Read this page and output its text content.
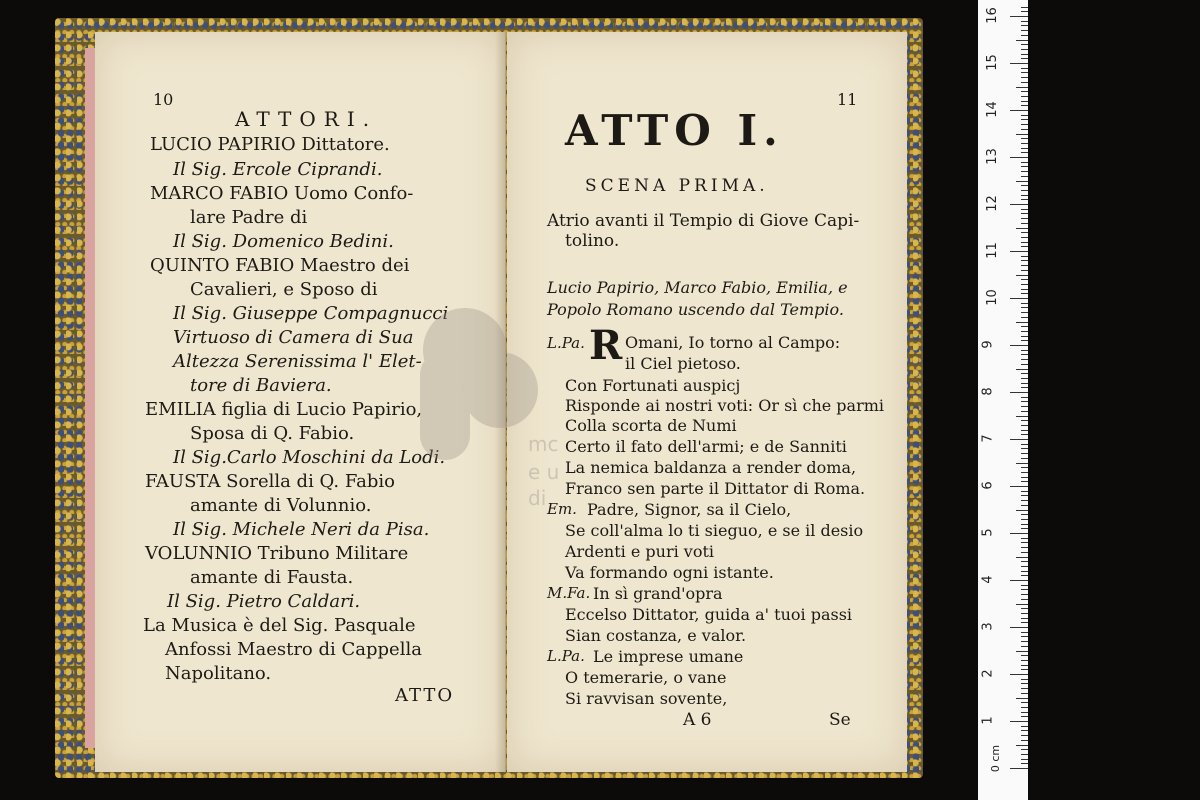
10
ATTORI.
LUCIO PAPIRIO Dittatore.
Il Sig. Ercole Ciprandi.
MARCO FABIO Uomo Confo-
lare Padre di
Il Sig. Domenico Bedini.
QUINTO FABIO Maestro dei
Cavalieri, e Sposo di
Il Sig. Giuseppe Compagnucci
Virtuoso di Camera di Sua
Altezza Serenissima l' Elet-
tore di Baviera.
EMILIA figlia di Lucio Papirio,
Sposa di Q. Fabio.
Il Sig.Carlo Moschini da Lodi.
FAUSTA Sorella di Q. Fabio
amante di Volunnio.
Il Sig. Michele Neri da Pisa.
VOLUNNIO Tribuno Militare
amante di Fausta.
Il Sig. Pietro Caldari.
La Musica è del Sig. Pasquale
Anfossi Maestro di Cappella
Napolitano.
ATTO
11
ATTO I.
SCENA PRIMA.
Atrio avanti il Tempio di Giove Capi-
tolino.
Lucio Papirio, Marco Fabio, Emilia, e
Popolo Romano uscendo dal Tempio.
L.Pa. R Omani, Io torno al Campo:
il Ciel pietoso.
Con Fortunati auspicj
Risponde ai nostri voti: Or sì che parmi
Colla scorta de Numi
Certo il fato dell'armi; e de Sanniti
La nemica baldanza a render doma,
Franco sen parte il Dittator di Roma.
Em. Padre, Signor, sa il Cielo,
Se coll'alma lo ti sieguo, e se il desio
Ardenti e puri voti
Va formando ogni istante.
M.Fa. In sì grand'opra
Eccelso Dittator, guida a' tuoi passi
Sian costanza, e valor.
L.Pa. Le imprese umane
O temerarie, o vane
Si ravvisan sovente,
A 6	Se
mc
e u
di
0 cm
1
2
3
4
5
6
7
8
9
10
11
12
13
14
15
16
